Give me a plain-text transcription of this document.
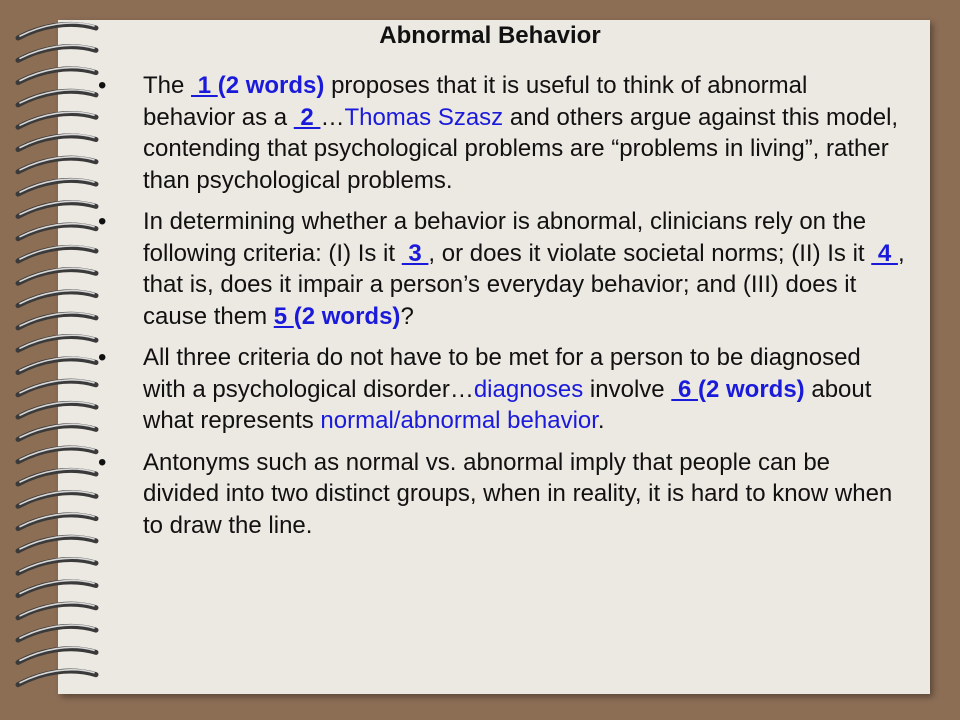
Abnormal Behavior
• The  1 (2 words) proposes that it is useful to think of abnormal behavior as a  2 …Thomas Szasz and others argue against this model, contending that psychological problems are “problems in living”, rather than psychological problems.
• In determining whether a behavior is abnormal, clinicians rely on the following criteria: (I) Is it  3 , or does it violate societal norms; (II) Is it  4 , that is, does it impair a person’s everyday behavior; and (III) does it cause them 5 (2 words)?
• All three criteria do not have to be met for a person to be diagnosed with a psychological disorder…diagnoses involve  6 (2 words) about what represents normal/abnormal behavior.
• Antonyms such as normal vs. abnormal imply that people can be divided into two distinct groups, when in reality, it is hard to know when to draw the line.
